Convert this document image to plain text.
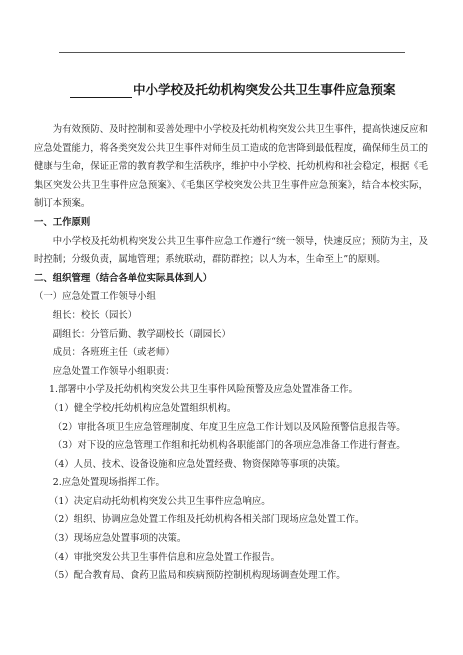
中小学校及托幼机构突发公共卫生事件应急预案

为有效预防、及时控制和妥善处理中小学校及托幼机构突发公共卫生事件，提高快速反应和应急处置能力，将各类突发公共卫生事件对师生员工造成的危害降到最低程度，确保师生员工的健康与生命，保证正常的教育教学和生活秩序，维护中小学校、托幼机构和社会稳定，根据《毛集区突发公共卫生事件应急预案》、《毛集区学校突发公共卫生事件应急预案》，结合本校实际，制订本预案。

一、工作原则

中小学校及托幼机构突发公共卫生事件应急工作遵行“统一领导，快速反应；预防为主，及时控制；分级负责，属地管理；系统联动，群防群控；以人为本，生命至上”的原则。

二、组织管理（结合各单位实际具体到人）

（一）应急处置工作领导小组

组长：校长（园长）

副组长：分管后勤、教学副校长（副园长）

成员：各班班主任（或老师）

应急处置工作领导小组职责：

1.部署中小学及托幼机构突发公共卫生事件风险预警及应急处置准备工作。

（1）健全学校/托幼机构应急处置组织机构。

（2）审批各项卫生应急管理制度、年度卫生应急工作计划以及风险预警信息报告等。

（3）对下设的应急管理工作组和托幼机构各职能部门的各项应急准备工作进行督查。

（4）人员、技术、设备设施和应急处置经费、物资保障等事项的决策。

2.应急处置现场指挥工作。

（1）决定启动托幼机构突发公共卫生事件应急响应。

（2）组织、协调应急处置工作组及托幼机构各相关部门现场应急处置工作。

（3）现场应急处置事项的决策。

（4）审批突发公共卫生事件信息和应急处置工作报告。

（5）配合教育局、食药卫监局和疾病预防控制机构现场调查处理工作。
